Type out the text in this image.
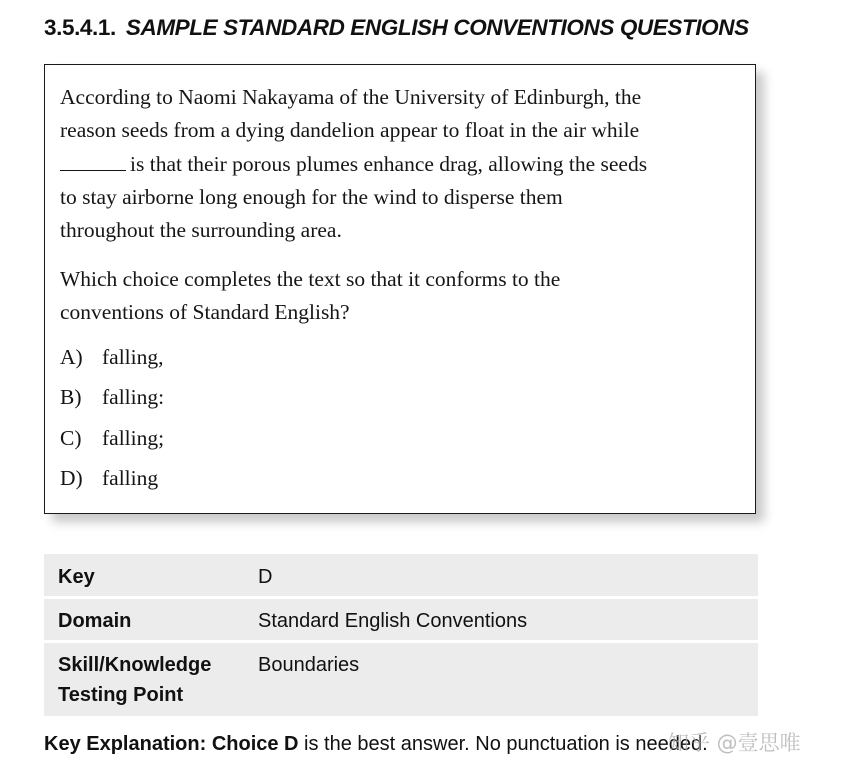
3.5.4.1. SAMPLE STANDARD ENGLISH CONVENTIONS QUESTIONS
According to Naomi Nakayama of the University of Edinburgh, the
reason seeds from a dying dandelion appear to float in the air while
is that their porous plumes enhance drag, allowing the seeds
to stay airborne long enough for the wind to disperse them
throughout the surrounding area.
Which choice completes the text so that it conforms to the
conventions of Standard English?
A) falling,
B) falling:
C) falling;
D) falling
Key	D
Domain	Standard English Conventions
Skill/Knowledge
Testing Point
Boundaries
Key Explanation: Choice D is the best answer. No punctuation is needed.
知乎 @壹思唯
